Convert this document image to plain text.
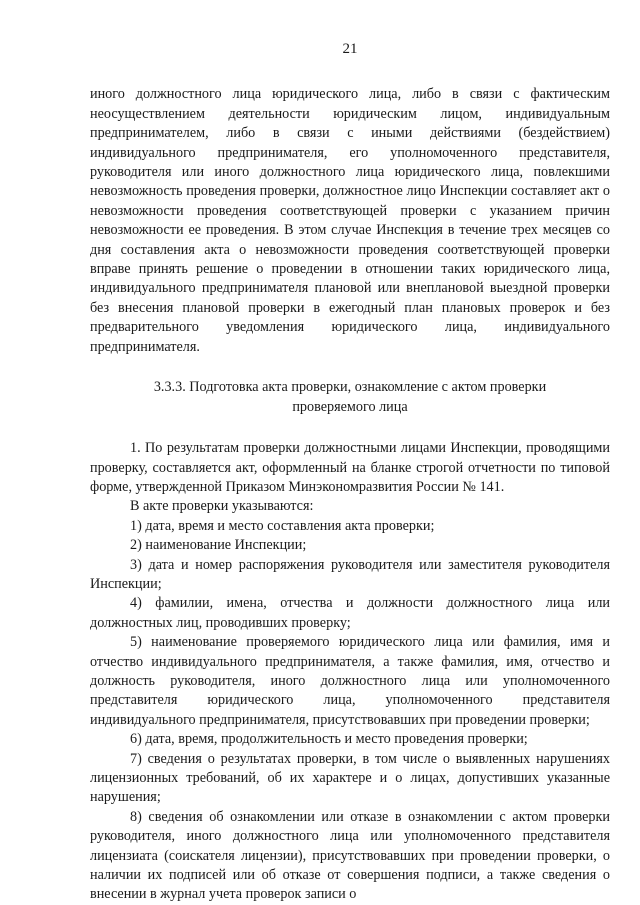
21

иного должностного лица юридического лица, либо в связи с фактическим неосуществлением деятельности юридическим лицом, индивидуальным предпринимателем, либо в связи с иными действиями (бездействием) индивидуального предпринимателя, его уполномоченного представителя, руководителя или иного должностного лица юридического лица, повлекшими невозможность проведения проверки, должностное лицо Инспекции составляет акт о невозможности проведения соответствующей проверки с указанием причин невозможности ее проведения. В этом случае Инспекция в течение трех месяцев со дня составления акта о невозможности проведения соответствующей проверки вправе принять решение о проведении в отношении таких юридического лица, индивидуального предпринимателя плановой или внеплановой выездной проверки без внесения плановой проверки в ежегодный план плановых проверок и без предварительного уведомления юридического лица, индивидуального предпринимателя.

3.3.3. Подготовка акта проверки, ознакомление с актом проверки
проверяемого лица

1. По результатам проверки должностными лицами Инспекции, проводящими проверку, составляется акт, оформленный на бланке строгой отчетности по типовой форме, утвержденной Приказом Минэкономразвития России № 141.

В акте проверки указываются:

1) дата, время и место составления акта проверки;

2) наименование Инспекции;

3) дата и номер распоряжения руководителя или заместителя руководителя Инспекции;

4) фамилии, имена, отчества и должности должностного лица или должностных лиц, проводивших проверку;

5) наименование проверяемого юридического лица или фамилия, имя и отчество индивидуального предпринимателя, а также фамилия, имя, отчество и должность руководителя, иного должностного лица или уполномоченного представителя юридического лица, уполномоченного представителя индивидуального предпринимателя, присутствовавших при проведении проверки;

6) дата, время, продолжительность и место проведения проверки;

7) сведения о результатах проверки, в том числе о выявленных нарушениях лицензионных требований, об их характере и о лицах, допустивших указанные нарушения;

8) сведения об ознакомлении или отказе в ознакомлении с актом проверки руководителя, иного должностного лица или уполномоченного представителя лицензиата (соискателя лицензии), присутствовавших при проведении проверки, о наличии их подписей или об отказе от совершения подписи, а также сведения о внесении в журнал учета проверок записи о
